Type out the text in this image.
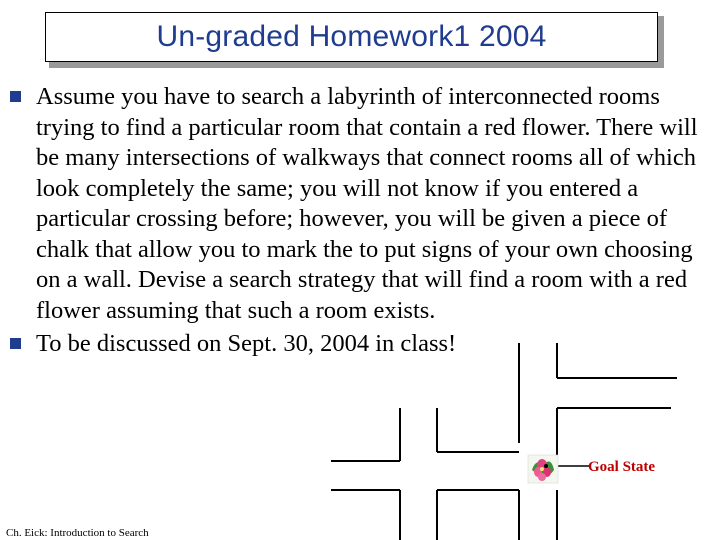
Un-graded Homework1 2004
Assume you have to search a labyrinth of interconnected rooms trying to find a particular room that contain a red flower. There will be many intersections of walkways that connect rooms all of which look completely the same; you will not know if you entered a particular crossing before; however, you will be given a piece of chalk that allow you to mark the to put signs of your own choosing on a wall. Devise a search strategy that will find a room with a red flower assuming that such a room exists.
To be discussed on Sept. 30, 2004 in class!
Goal State
Ch. Eick: Introduction to Search
